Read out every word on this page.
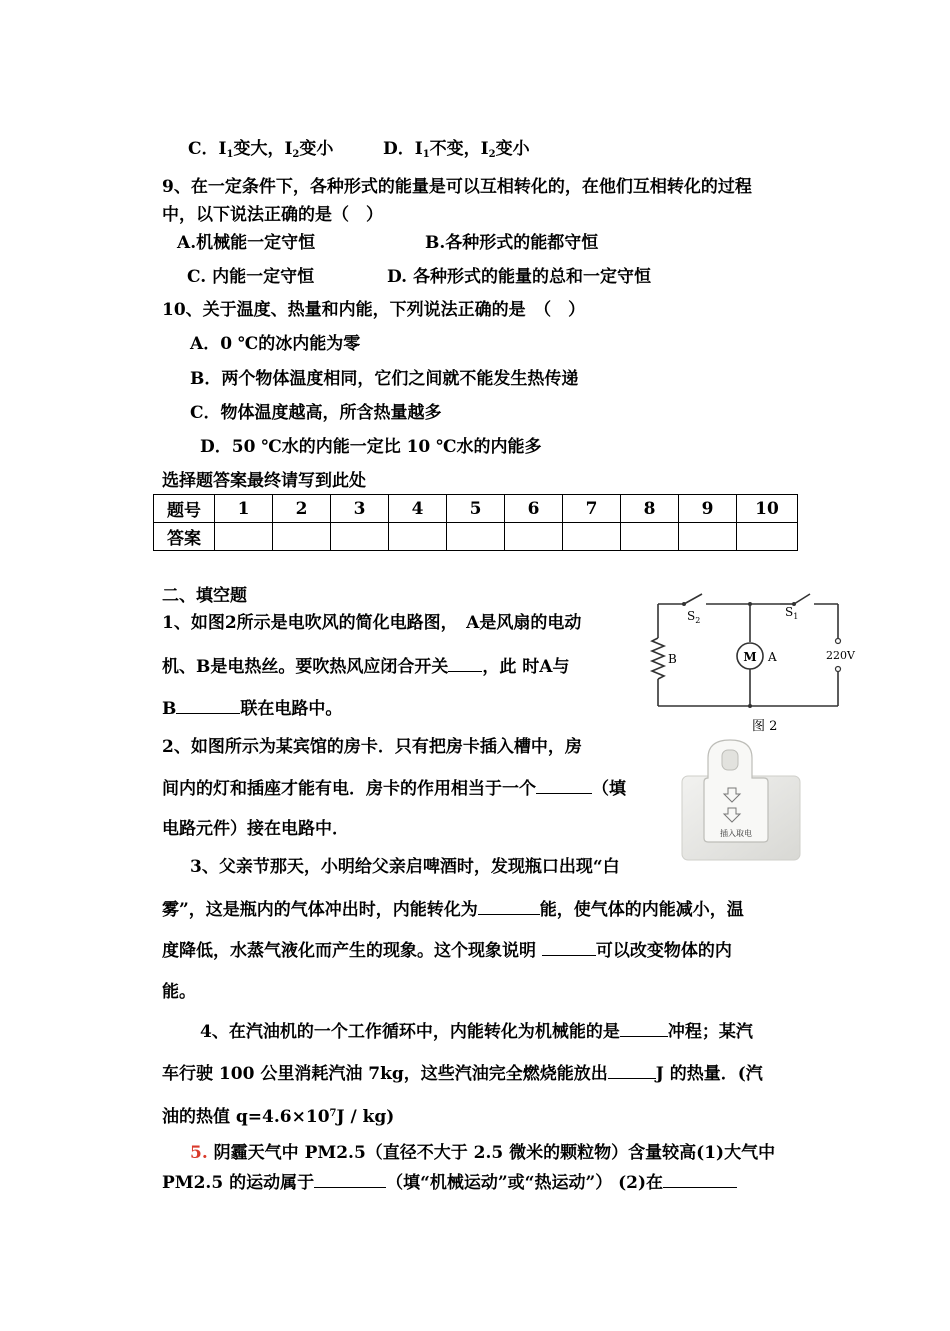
C．$I_1$变大，$I_2$变小	D．$I_1$不变，$I_2$变小
9、在一定条件下，各种形式的能量是可以互相转化的，在他们互相转化的过程
中，以下说法正确的是（　）
A.机械能一定守恒	B.各种形式的能都守恒
C. 内能一定守恒	D. 各种形式的能量的总和一定守恒
10、关于温度、热量和内能，下列说法正确的是　（　）
A．0 ℃的冰内能为零
B．两个物体温度相同，它们之间就不能发生热传递
C．物体温度越高，所含热量越多
D．50 ℃水的内能一定比 10 ℃水的内能多
选择题答案最终请写到此处
题号	1	2	3	4	5	6	7	8	9	10
答案										
二、填空题
1、如图2所示是电吹风的简化电路图，　A是风扇的电动
机、B是电热丝。要吹热风应闭合开关 ，此 时A与
B	联在电路中。
2、如图所示为某宾馆的房卡．只有把房卡插入槽中，房
间内的灯和插座才能有电．房卡的作用相当于一个	（填
电路元件）接在电路中．
3、父亲节那天，小明给父亲启啤酒时，发现瓶口出现“白
雾”，这是瓶内的气体冲出时，内能转化为	能，使气体的内能减小，温
度降低，水蒸气液化而产生的现象。这个现象说明	可以改变物体的内
能。
4、在汽油机的一个工作循环中，内能转化为机械能的是	冲程；某汽
车行驶 100 公里消耗汽油 7kg，这些汽油完全燃烧能放出	J 的热量．(汽
油的热值 $q=4.6\times 10^7J / kg$)
5. 阴霾天气中 PM2.5（直径不大于 2.5 微米的颗粒物）含量较高(1)大气中
PM2.5 的运动属于	（填“机械运动”或“热运动”） (2)在
$S_2$
$S_1$
B	M A	220V
图 2
插入取电
